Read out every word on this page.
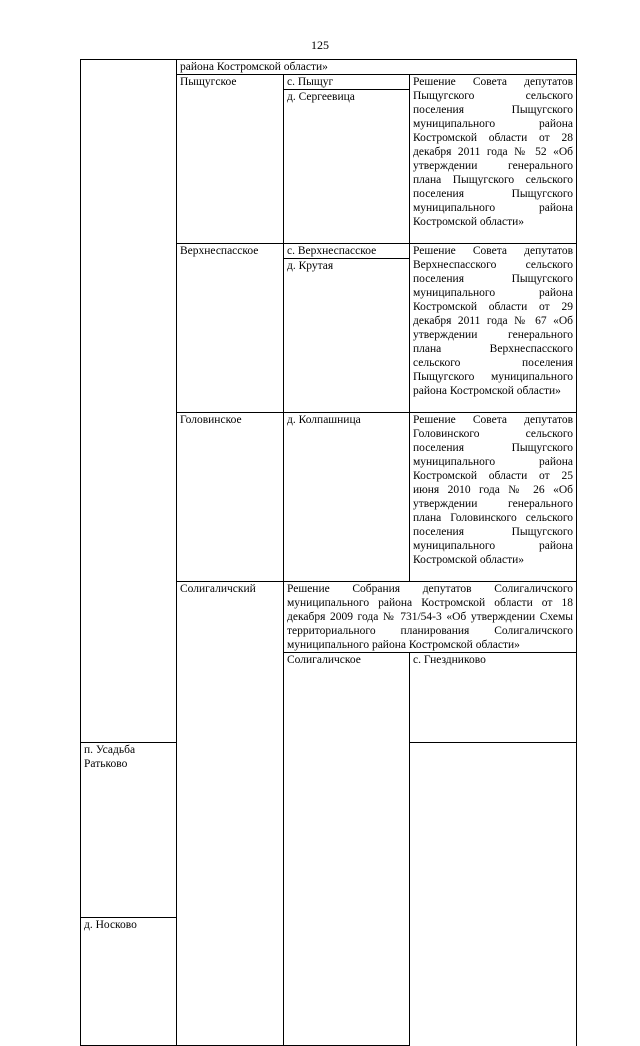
125
	района Костромской области»			
	Пыщугское	с. Пыщуг	Решение Совета депутатов Пыщугского сельского поселения Пыщугского муниципального района Костромской области от 28 декабря 2011 года № 52 «Об утверждении генерального плана Пыщугского сельского поселения Пыщугского муниципального района Костромской области»	
		д. Сергеевица		
	Верхнеспасское	с. Верхнеспасское	Решение Совета депутатов Верхнеспасского сельского поселения Пыщугского муниципального района Костромской области от 29 декабря 2011 года № 67 «Об утверждении генерального плана Верхнеспасского сельского поселения Пыщугского муниципального района Костромской области»	
		д. Крутая		
	Головинское	д. Колпашница	Решение Совета депутатов Головинского сельского поселения Пыщугского муниципального района Костромской области от 25 июня 2010 года № 26 «Об утверждении генерального плана Головинского сельского поселения Пыщугского муниципального района Костромской области»	
	Солигаличский	Решение Собрания депутатов Солигаличского муниципального района Костромской области от 18 декабря 2009 года № 731/54-3 «Об утверждении Схемы территориального планирования Солигаличского муниципального района Костромской области»		
		Солигаличское	с. Гнездниково	
п. Усадьба Ратьково				
д. Носково				
